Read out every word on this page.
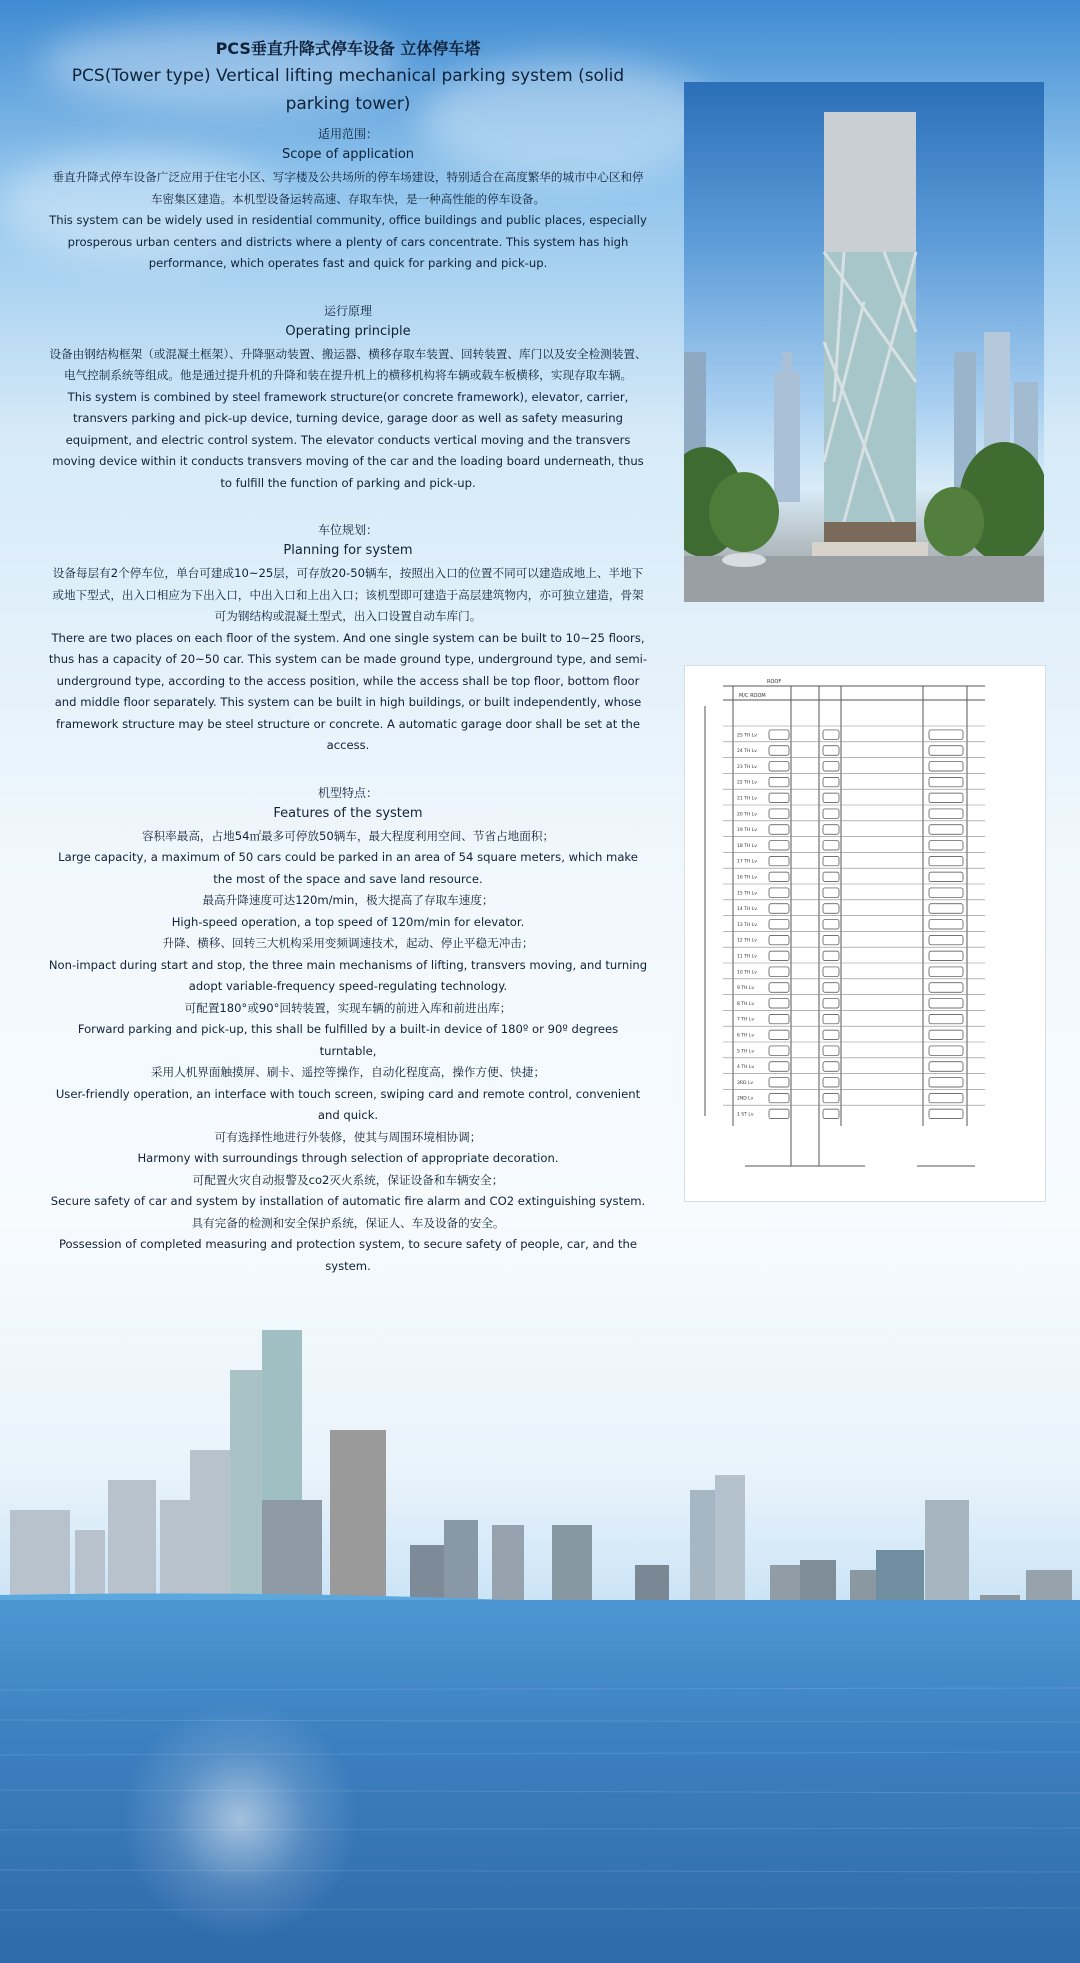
PCS垂直升降式停车设备 立体停车塔

PCS(Tower type) Vertical lifting mechanical parking system (solid parking tower)

适用范围：
Scope of application

垂直升降式停车设备广泛应用于住宅小区、写字楼及公共场所的停车场建设，特别适合在高度繁华的城市中心区和停车密集区建造。本机型设备运转高速、存取车快，是一种高性能的停车设备。

This system can be widely used in residential community, office buildings and public places, especially prosperous urban centers and districts where a plenty of cars concentrate. This system has high performance, which operates fast and quick for parking and pick-up.

运行原理
Operating principle

设备由钢结构框架（或混凝土框架）、升降驱动装置、搬运器、横移存取车装置、回转装置、库门以及安全检测装置、电气控制系统等组成。他是通过提升机的升降和装在提升机上的横移机构将车辆或载车板横移，实现存取车辆。

This system is combined by steel framework structure(or concrete framework), elevator, carrier, transvers parking and pick-up device, turning device, garage door as well as safety measuring equipment, and electric control system. The elevator conducts vertical moving and the transvers moving device within it conducts transvers moving of the car and the loading board underneath, thus to fulfill the function of parking and pick-up.

车位规划：
Planning for system

设备每层有2个停车位，单台可建成10~25层，可存放20-50辆车，按照出入口的位置不同可以建造成地上、半地下或地下型式，出入口相应为下出入口，中出入口和上出入口；该机型即可建造于高层建筑物内，亦可独立建造，骨架可为钢结构或混凝土型式，出入口设置自动车库门。

There are two places on each floor of the system. And one single system can be built to 10~25 floors, thus has a capacity of 20~50 car. This system can be made ground type, underground type, and semi-underground type, according to the access position, while the access shall be top floor, bottom floor and middle floor separately. This system can be built in high buildings, or built independently, whose framework structure may be steel structure or concrete. A automatic garage door shall be set at the access.

机型特点：
Features of the system

容积率最高，占地54㎡最多可停放50辆车，最大程度利用空间、节省占地面积；

Large capacity, a maximum of 50 cars could be parked in an area of 54 square meters, which make the most of the space and save land resource.

最高升降速度可达120m/min，极大提高了存取车速度；

High-speed operation, a top speed of 120m/min for elevator.

升降、横移、回转三大机构采用变频调速技术，起动、停止平稳无冲击；

Non-impact during start and stop, the three main mechanisms of lifting, transvers moving, and turning adopt variable-frequency speed-regulating technology.

可配置180°或90°回转装置，实现车辆的前进入库和前进出库；

Forward parking and pick-up, this shall be fulfilled by a built-in device of 180º or 90º degrees turntable,

采用人机界面触摸屏、刷卡、遥控等操作，自动化程度高，操作方便、快捷；

User-friendly operation, an interface with touch screen, swiping card and remote control, convenient and quick.

可有选择性地进行外装修，使其与周围环境相协调；

Harmony with surroundings through selection of appropriate decoration.

可配置火灾自动报警及co2灭火系统，保证设备和车辆安全；

Secure safety of car and system by installation of automatic fire alarm and CO2 extinguishing system.

具有完备的检测和安全保护系统，保证人、车及设备的安全。

Possession of completed measuring and protection system, to secure safety of people, car, and the system.

ROOF
M/C ROOM
25 TH Lv
24 TH Lv
23 TH Lv
22 TH Lv
21 TH Lv
20 TH Lv
19 TH Lv
18 TH Lv
17 TH Lv
16 TH Lv
15 TH Lv
14 TH Lv
13 TH Lv
12 TH Lv
11 TH Lv
10 TH Lv
9 TH Lv
8 TH Lv
7 TH Lv
6 TH Lv
5 TH Lv
4 TH Lv
3RD Lv
2ND Lv
1 ST Lv
